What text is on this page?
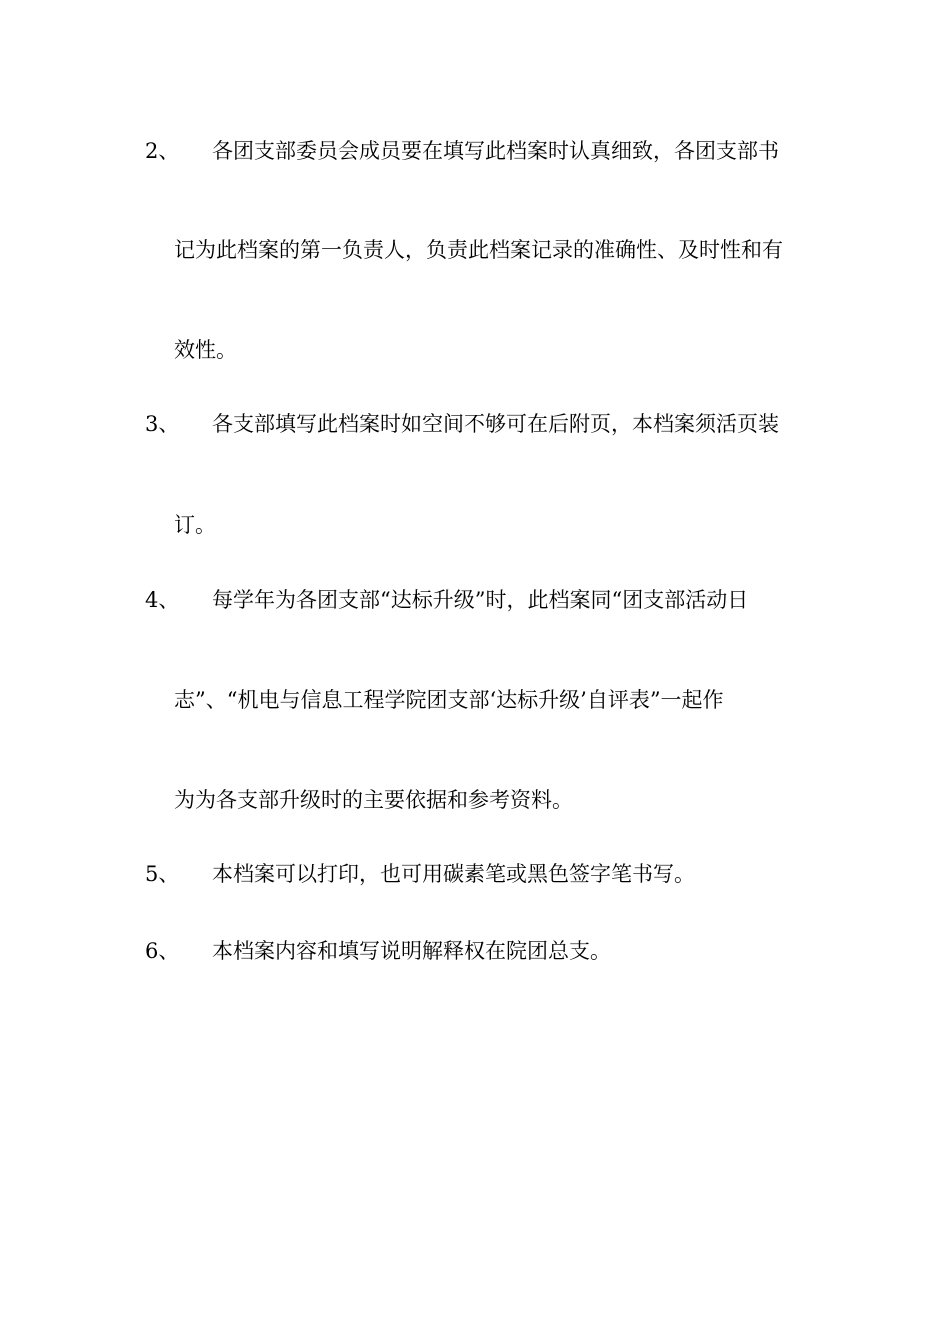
2、 各团支部委员会成员要在填写此档案时认真细致，各团支部书
记为此档案的第一负责人，负责此档案记录的准确性、及时性和有
效性。
3、 各支部填写此档案时如空间不够可在后附页，本档案须活页装
订。
4、 每学年为各团支部“达标升级”时，此档案同“团支部活动日
志”、“机电与信息工程学院团支部‘达标升级’自评表”一起作
为为各支部升级时的主要依据和参考资料。
5、 本档案可以打印，也可用碳素笔或黑色签字笔书写。
6、 本档案内容和填写说明解释权在院团总支。
